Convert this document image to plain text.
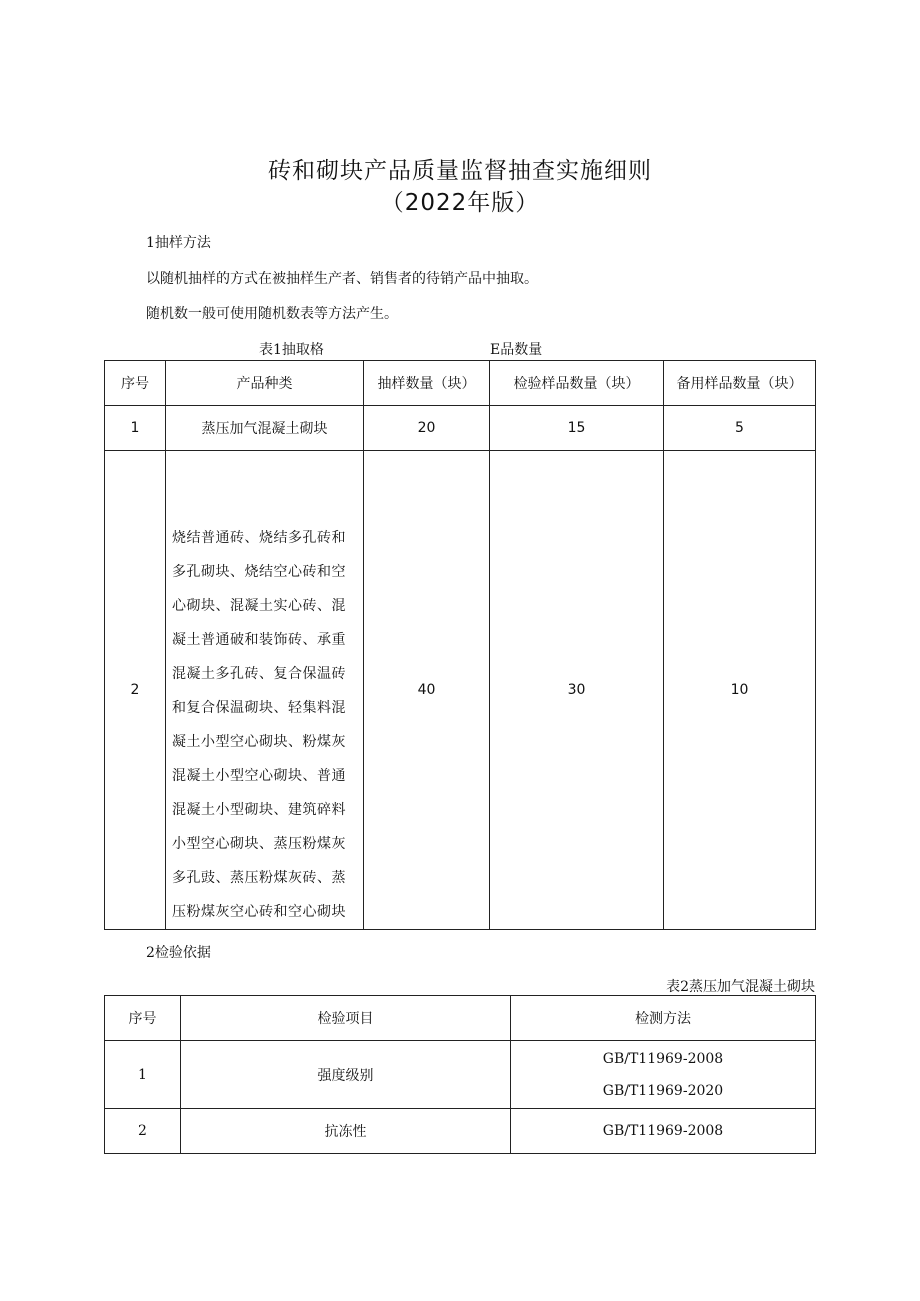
砖和砌块产品质量监督抽查实施细则
（2022年版）

1抽样方法

以随机抽样的方式在被抽样生产者、销售者的待销产品中抽取。

随机数一般可使用随机数表等方法产生。

表1抽取格	E品数量
序号	产品种类	抽样数量（块）	检验样品数量（块）	备用样品数量（块）
1	蒸压加气混凝土砌块	20	15	5
2	烧结普通砖、烧结多孔砖和多孔砌块、烧结空心砖和空心砌块、混凝土实心砖、混凝土普通破和装饰砖、承重混凝土多孔砖、复合保温砖和复合保温砌块、轻集料混凝土小型空心砌块、粉煤灰混凝土小型空心砌块、普通混凝土小型砌块、建筑碎料小型空心砌块、蒸压粉煤灰多孔豉、蒸压粉煤灰砖、蒸压粉煤灰空心砖和空心砌块	40	30	10

2检验依据

表2蒸压加气混凝土砌块
序号	检验项目	检测方法
1	强度级别	GB/T11969-2008
GB/T11969-2020

2	抗冻性	GB/T11969-2008
